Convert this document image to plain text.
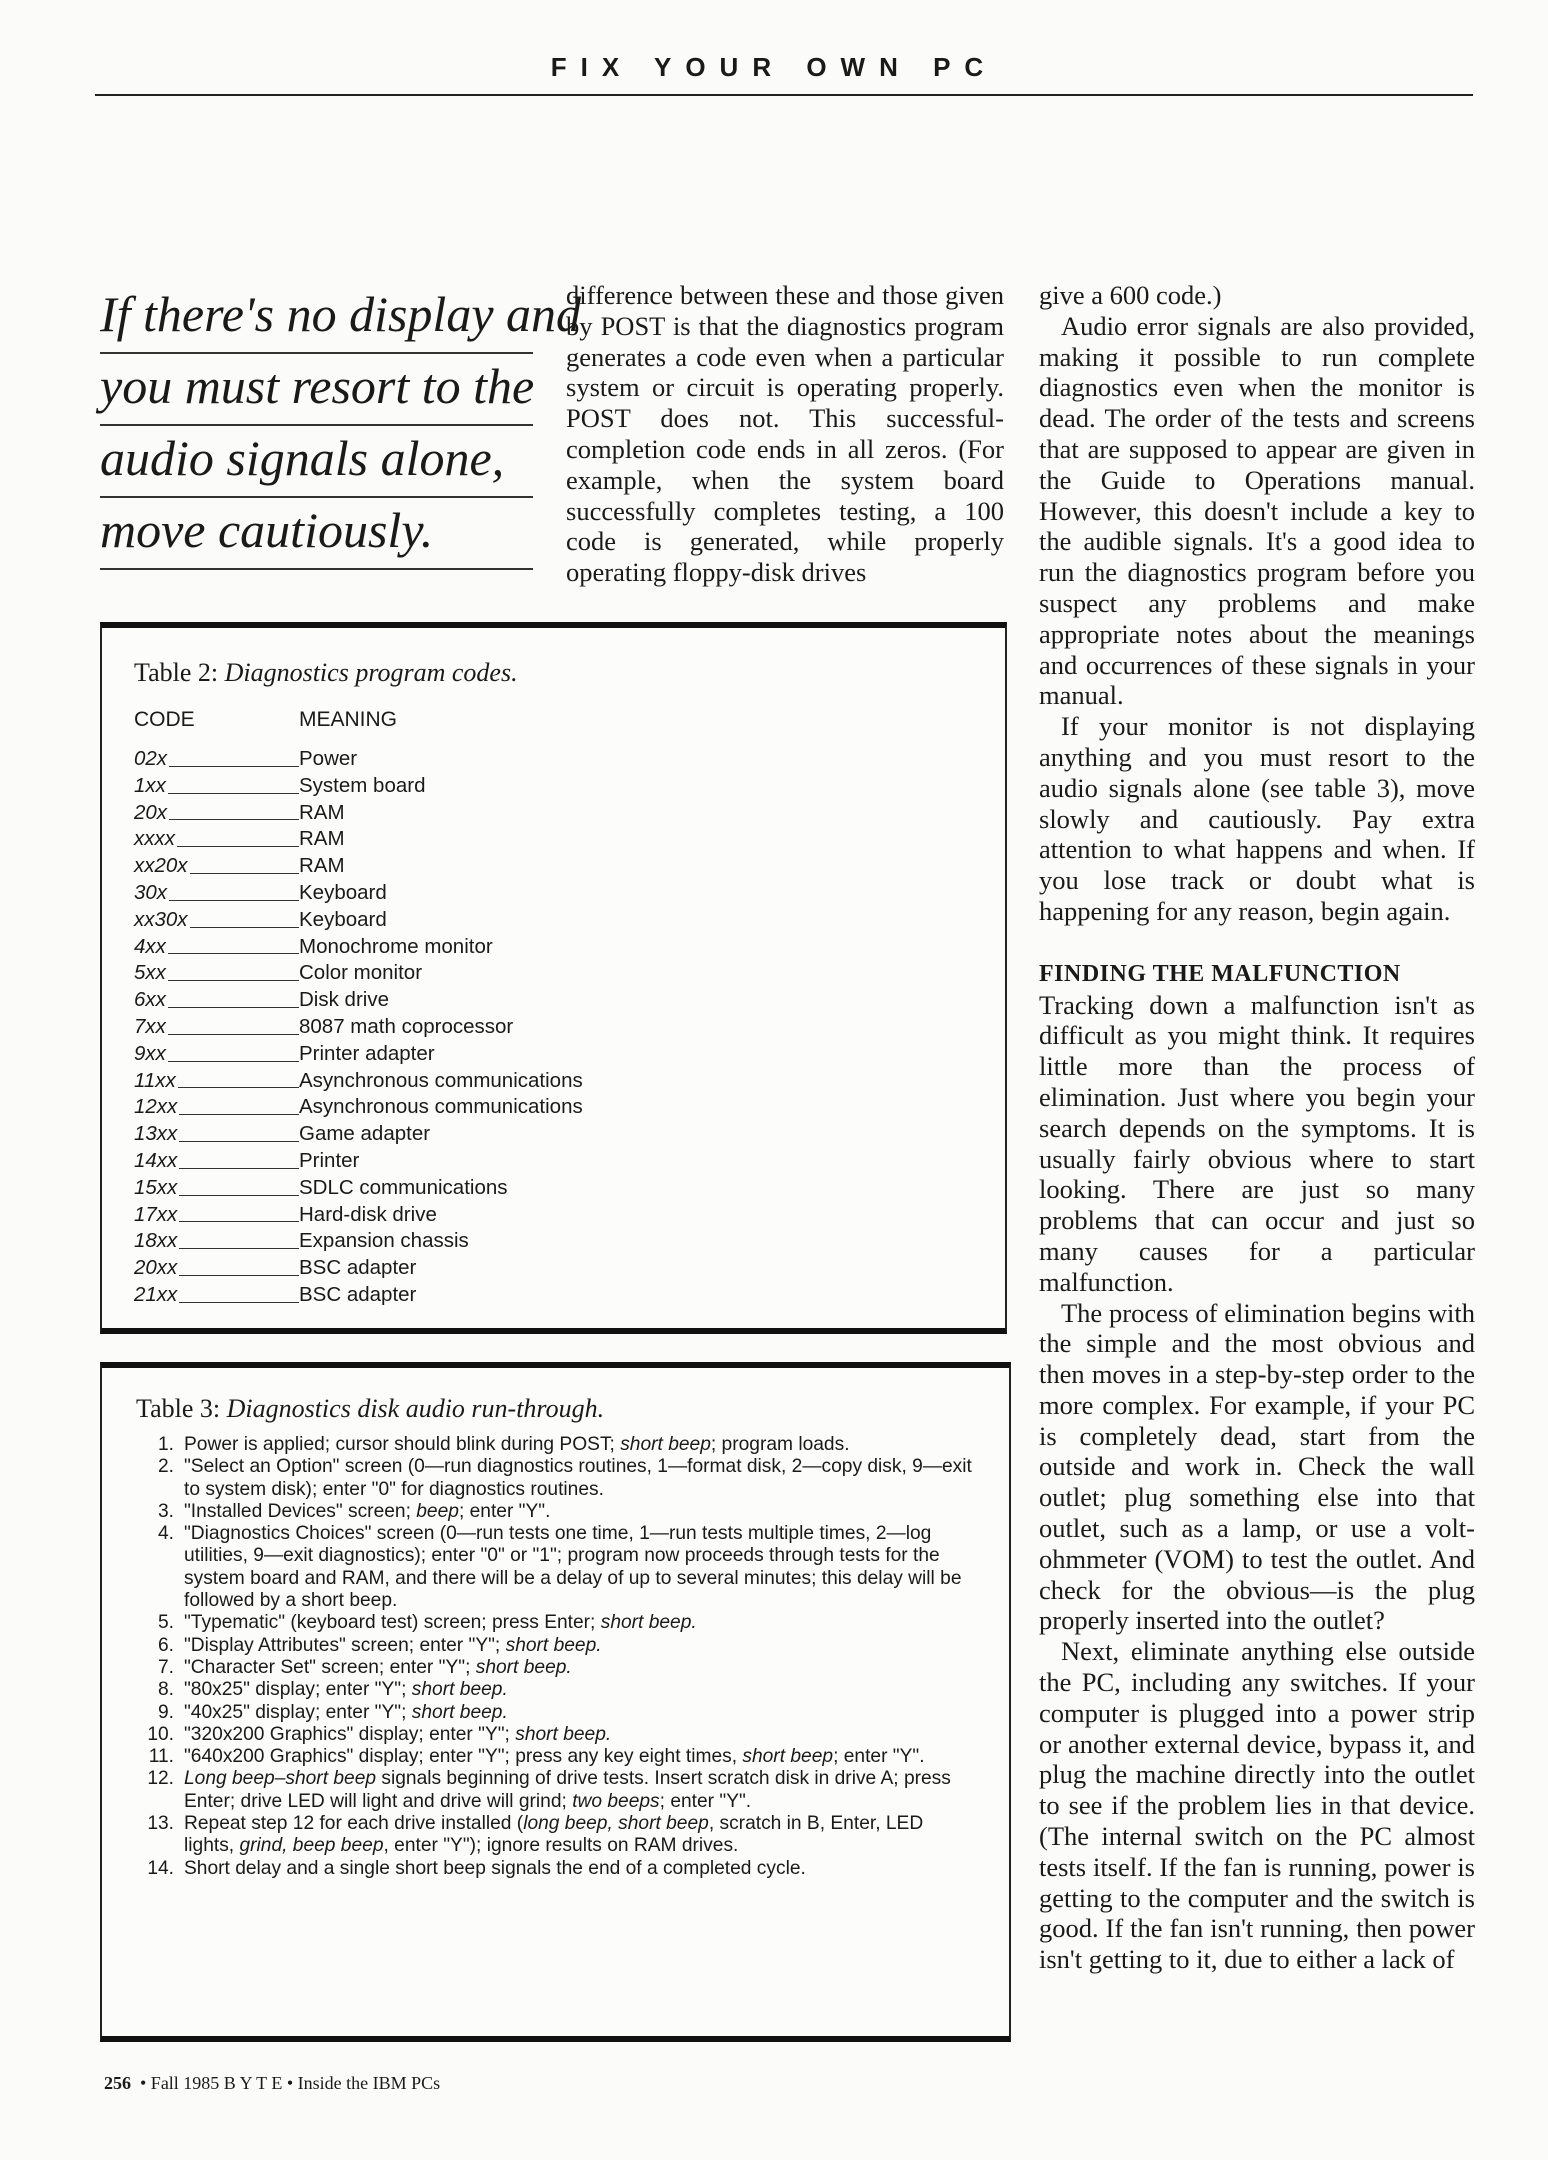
FIX YOUR OWN PC
If there's no display and
you must resort to the
audio signals alone,
move cautiously.

difference between these and those given by POST is that the diagnostics program generates a code even when a particular system or circuit is operating properly. POST does not. This successful-completion code ends in all zeros. (For example, when the system board successfully completes testing, a 100 code is generated, while properly operating floppy-disk drives

give a 600 code.)

Audio error signals are also provided, making it possible to run complete diagnostics even when the monitor is dead. The order of the tests and screens that are supposed to appear are given in the Guide to Operations manual. However, this doesn't include a key to the audible signals. It's a good idea to run the diagnostics program before you suspect any problems and make appropriate notes about the meanings and occurrences of these signals in your manual.

If your monitor is not displaying anything and you must resort to the audio signals alone (see table 3), move slowly and cautiously. Pay extra attention to what happens and when. If you lose track or doubt what is happening for any reason, begin again.

FINDING THE MALFUNCTION

Tracking down a malfunction isn't as difficult as you might think. It requires little more than the process of elimination. Just where you begin your search depends on the symptoms. It is usually fairly obvious where to start looking. There are just so many problems that can occur and just so many causes for a particular malfunction.

The process of elimination begins with the simple and the most obvious and then moves in a step-by-step order to the more complex. For example, if your PC is completely dead, start from the outside and work in. Check the wall outlet; plug something else into that outlet, such as a lamp, or use a volt-ohmmeter (VOM) to test the outlet. And check for the obvious—is the plug properly inserted into the outlet?

Next, eliminate anything else outside the PC, including any switches. If your computer is plugged into a power strip or another external device, bypass it, and plug the machine directly into the outlet to see if the problem lies in that device. (The internal switch on the PC almost tests itself. If the fan is running, power is getting to the computer and the switch is good. If the fan isn't running, then power isn't getting to it, due to either a lack of

Table 2: Diagnostics program codes.
CODE	MEANING
02x	Power
1xx	System board
20x	RAM
xxxx	RAM
xx20x	RAM
30x	Keyboard
xx30x	Keyboard
4xx	Monochrome monitor
5xx	Color monitor
6xx	Disk drive
7xx	8087 math coprocessor
9xx	Printer adapter
11xx	Asynchronous communications
12xx	Asynchronous communications
13xx	Game adapter
14xx	Printer
15xx	SDLC communications
17xx	Hard-disk drive
18xx	Expansion chassis
20xx	BSC adapter
21xx	BSC adapter
Table 3: Diagnostics disk audio run-through.
1. Power is applied; cursor should blink during POST; short beep; program loads.
2. "Select an Option" screen (0—run diagnostics routines, 1—format disk, 2—copy disk, 9—exit to system disk); enter "0" for diagnostics routines.
3. "Installed Devices" screen; beep; enter "Y".
4. "Diagnostics Choices" screen (0—run tests one time, 1—run tests multiple times, 2—log utilities, 9—exit diagnostics); enter "0" or "1"; program now proceeds through tests for the system board and RAM, and there will be a delay of up to several minutes; this delay will be followed by a short beep.
5. "Typematic" (keyboard test) screen; press Enter; short beep.
6. "Display Attributes" screen; enter "Y"; short beep.
7. "Character Set" screen; enter "Y"; short beep.
8. "80x25" display; enter "Y"; short beep.
9. "40x25" display; enter "Y"; short beep.
10. "320x200 Graphics" display; enter "Y"; short beep.
11. "640x200 Graphics" display; enter "Y"; press any key eight times, short beep; enter "Y".
12. Long beep–short beep signals beginning of drive tests. Insert scratch disk in drive A; press Enter; drive LED will light and drive will grind; two beeps; enter "Y".
13. Repeat step 12 for each drive installed (long beep, short beep, scratch in B, Enter, LED lights, grind, beep beep, enter "Y"); ignore results on RAM drives.
14. Short delay and a single short beep signals the end of a completed cycle.
256 • Fall 1985 B Y T E • Inside the IBM PCs
